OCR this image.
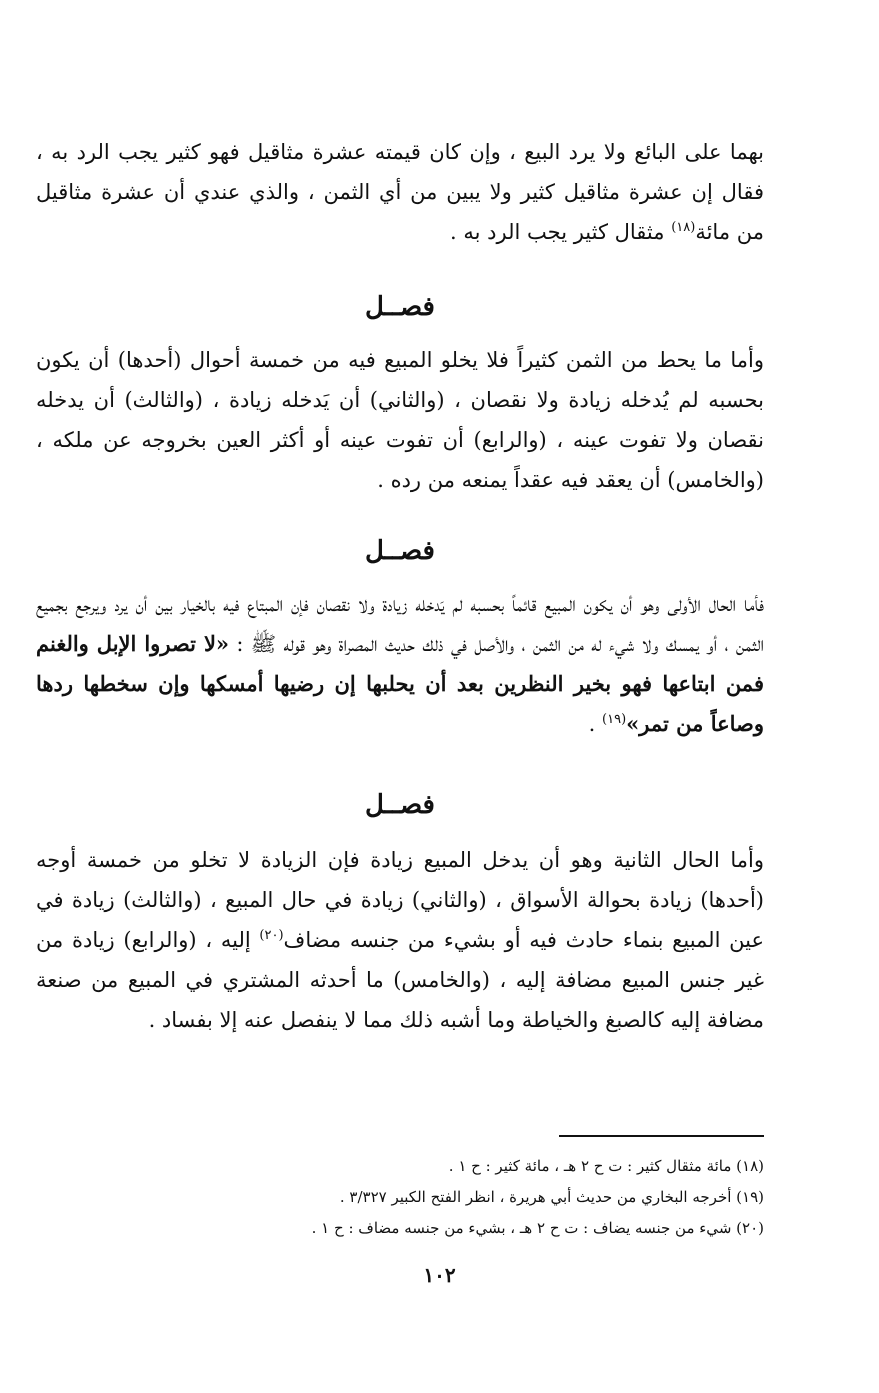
بهما على البائع ولا يرد البيع ، وإن كان قيمته عشرة مثاقيل فهو كثير يجب الرد به ، فقال إن عشرة مثاقيل كثير ولا يبين من أي الثمن ، والذي عندي أن عشرة مثاقيل من مائة$^{(١٨)}$ مثقال كثير يجب الرد به .

فصــل

وأما ما يحط من الثمن كثيراً فلا يخلو المبيع فيه من خمسة أحوال (أحدها) أن يكون بحسبه لم يُدخله زيادة ولا نقصان ، (والثاني) أن يَدخله زيادة ، (والثالث) أن يدخله نقصان ولا تفوت عينه ، (والرابع) أن تفوت عينه أو أكثر العين بخروجه عن ملكه ، (والخامس) أن يعقد فيه عقداً يمنعه من رده .

فصــل

فأما الحال الأولى وهو أن يكون المبيع قائماً بحسبه لم يَدخله زيادة ولا نقصان فإن المبتاع فيه بالخيار بين أن يرد ويرجع بجميع الثمن ، أو يمسك ولا شيء له من الثمن ، والأصل في ذلك حديث المصراة وهو قوله ﷺ : «لا تصروا الإبل والغنم فمن ابتاعها فهو بخير النظرين بعد أن يحلبها إن رضيها أمسكها وإن سخطها ردها وصاعاً من تمر»$^{(١٩)}$ .

فصــل

وأما الحال الثانية وهو أن يدخل المبيع زيادة فإن الزيادة لا تخلو من خمسة أوجه (أحدها) زيادة بحوالة الأسواق ، (والثاني) زيادة في حال المبيع ، (والثالث) زيادة في عين المبيع بنماء حادث فيه أو بشيء من جنسه مضاف$^{(٢٠)}$ إليه ، (والرابع) زيادة من غير جنس المبيع مضافة إليه ، (والخامس) ما أحدثه المشتري في المبيع من صنعة مضافة إليه كالصبغ والخياطة وما أشبه ذلك مما لا ينفصل عنه إلا بفساد .

(١٨) مائة مثقال كثير : ت ح ٢ هـ ، مائة كثير : ح ١ .

(١٩) أخرجه البخاري من حديث أبي هريرة ، انظر الفتح الكبير ٣/٣٢٧ .

(٢٠) شيء من جنسه يضاف : ت ح ٢ هـ ، بشيء من جنسه مضاف : ح ١ .

١٠٢
